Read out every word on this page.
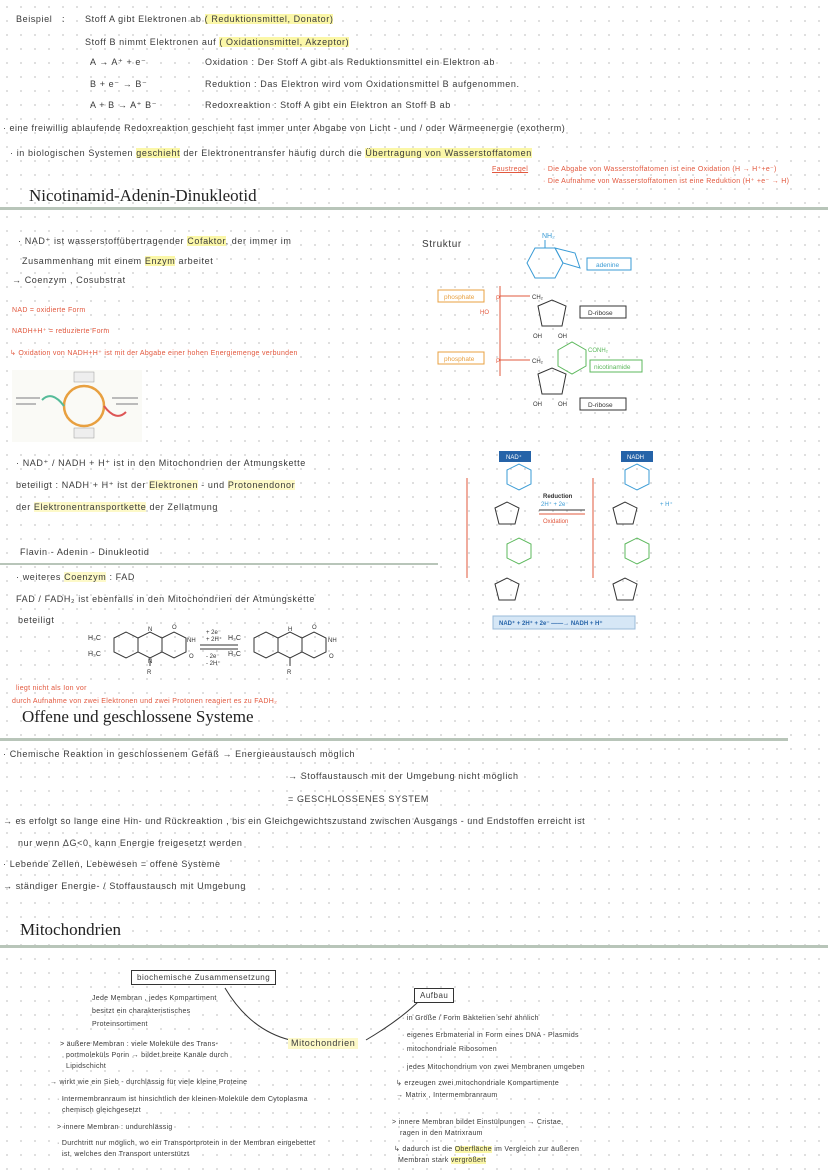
Beispiel : Stoff A gibt Elektronen ab ( Reduktionsmittel, Donator)
Stoff B nimmt Elektronen auf ( Oxidationsmittel, Akzeptor)
A → A⁺ + e⁻	Oxidation : Der Stoff A gibt als Reduktionsmittel ein Elektron ab
B + e⁻ → B⁻	Reduktion : Das Elektron wird vom Oxidationsmittel B aufgenommen.
A + B → A⁺ B⁻	Redoxreaktion : Stoff A gibt ein Elektron an Stoff B ab
· eine freiwillig ablaufende Redoxreaktion geschieht fast immer unter Abgabe von Licht - und / oder Wärmeenergie (exotherm)
· in biologischen Systemen geschieht der Elektronentransfer häufig durch die Übertragung von Wasserstoffatomen
Faustregel · Die Abgabe von Wasserstoffatomen ist eine Oxidation (H → H⁺+e⁻)
· Die Aufnahme von Wasserstoffatomen ist eine Reduktion (H⁺ +e⁻ → H)
Nicotinamid-Adenin-Dinukleotid
· NAD⁺ ist wasserstoffübertragender Cofaktor, der immer im
Zusammenhang mit einem Enzym arbeitet
→ Coenzym , Cosubstrat
NAD = oxidierte Form
NADH+H⁺ = reduzierte Form
↳ Oxidation von NADH+H⁺ ist mit der Abgabe einer hohen Energiemenge verbunden
Struktur
NH₂
adenine
phosphate
phosphate
P
HO
P
CH₂
CH₂
OH	OH
OH	OH
D-ribose
D-ribose
CONH₂
nicotinamide
· NAD⁺ / NADH + H⁺ ist in den Mitochondrien der Atmungskette
beteiligt : NADH + H⁺ ist der Elektronen - und Protonendonor
der Elektronentransportkette der Zellatmung
NAD⁺	NADH
Reduction
2H⁺ + 2e⁻
Oxidation
+ H⁺
NAD⁺ + 2H⁺ + 2e⁻ ——→ NADH + H⁺
Flavin - Adenin - Dinukleotid
· weiteres Coenzym : FAD
FAD / FADH₂ ist ebenfalls in den Mitochondrien der Atmungskette
beteiligt
H₃C
H₃C
H₃C
H₃C
N
N
NH	NH
O
O
O
O
R	R
H
+ 2e⁻
+ 2H⁺
- 2e⁻
- 2H⁺
liegt nicht als Ion vor
durch Aufnahme von zwei Elektronen und zwei Protonen reagiert es zu FADH₂
Offene und geschlossene Systeme
· Chemische Reaktion in geschlossenem Gefäß → Energieaustausch möglich
→ Stoffaustausch mit der Umgebung nicht möglich
= GESCHLOSSENES SYSTEM
→ es erfolgt so lange eine Hin- und Rückreaktion , bis ein Gleichgewichtszustand zwischen Ausgangs - und Endstoffen erreicht ist
nur wenn ΔG<0, kann Energie freigesetzt werden
· Lebende Zellen, Lebewesen = offene Systeme
→ ständiger Energie- / Stoffaustausch mit Umgebung
Mitochondrien
biochemische Zusammensetzung
Jede Membran , jedes Kompartiment
besitzt ein charakteristisches
Proteinsortiment
Mitochondrien
Aufbau
> äußere Membran : viele Moleküle des Trans-
portmoleküls Porin → bildet breite Kanäle durch
Lipidschicht
→ wirkt wie ein Sieb - durchlässig für viele kleine Proteine
· Intermembranraum ist hinsichtlich der kleinen Moleküle dem Cytoplasma
chemisch gleichgesetzt
> innere Membran : undurchlässig
· Durchtritt nur möglich, wo ein Transportprotein in der Membran eingebettet
ist, welches den Transport unterstützt
· in Größe / Form Bakterien sehr ähnlich
· eigenes Erbmaterial in Form eines DNA - Plasmids
· mitochondriale Ribosomen
· jedes Mitochondrium von zwei Membranen umgeben
↳ erzeugen zwei mitochondriale Kompartimente
→ Matrix , Intermembranraum
> innere Membran bildet Einstülpungen → Cristae,
ragen in den Matrixraum
↳ dadurch ist die Oberfläche im Vergleich zur äußeren
Membran stark vergrößert
